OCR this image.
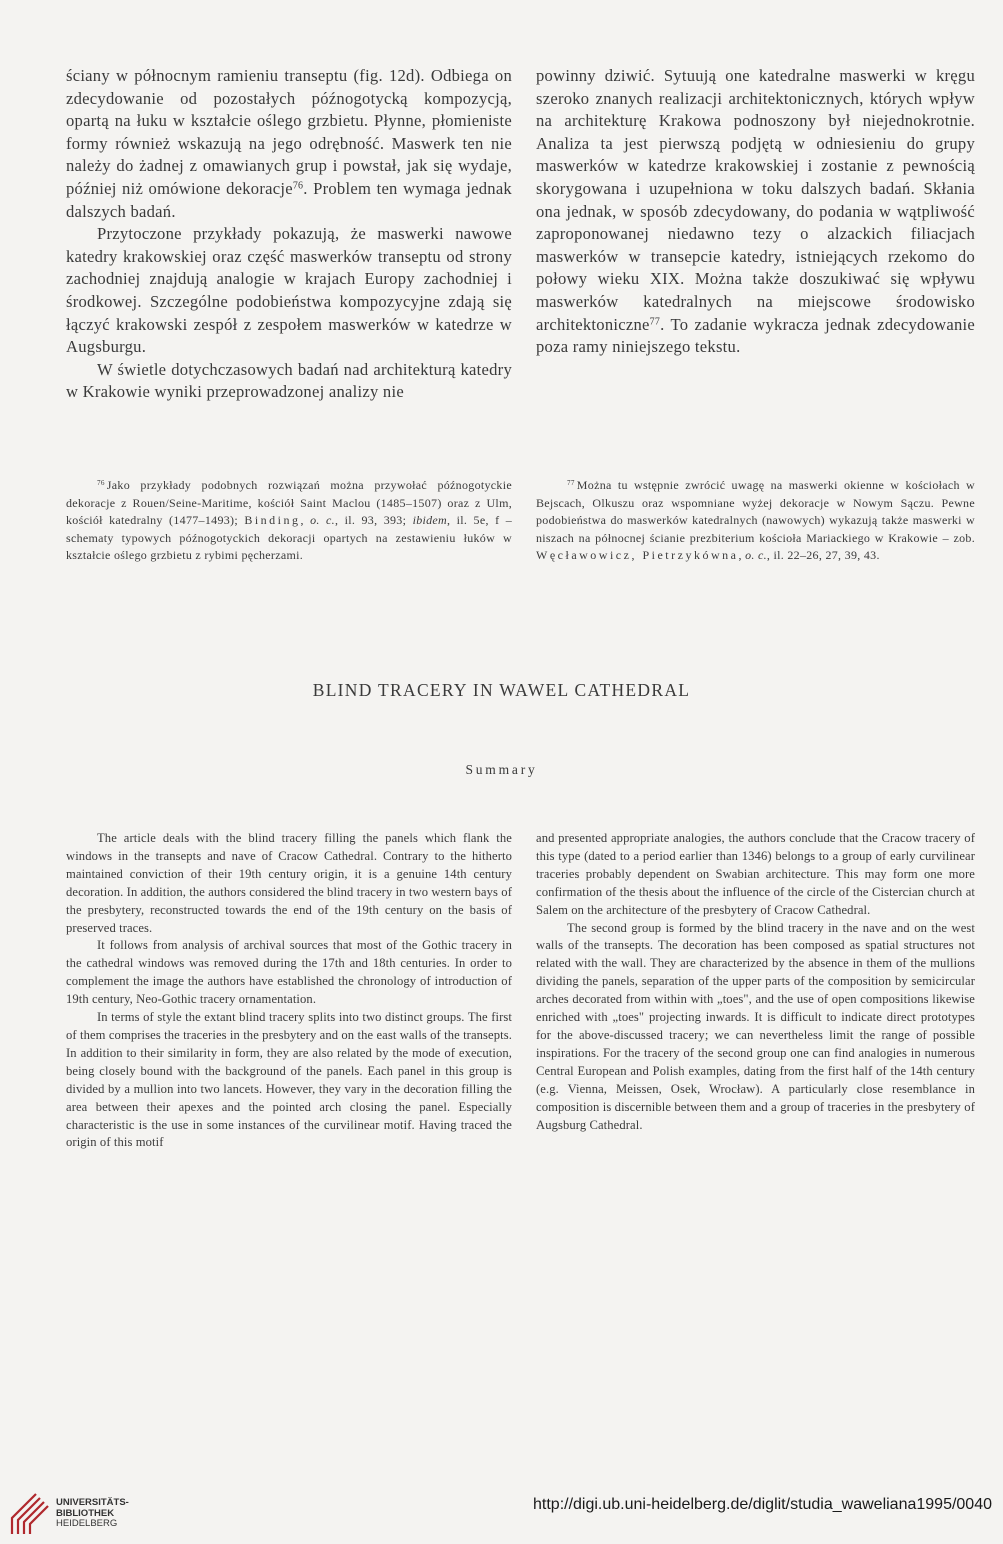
ściany w północnym ramieniu transeptu (fig. 12d). Odbiega on zdecydowanie od pozostałych późnogotycką kompozycją, opartą na łuku w kształcie oślego grzbietu. Płynne, płomieniste formy również wskazują na jego odrębność. Maswerk ten nie należy do żadnej z omawianych grup i powstał, jak się wydaje, później niż omówione dekoracje$^{76}$. Problem ten wymaga jednak dalszych badań.

Przytoczone przykłady pokazują, że maswerki nawowe katedry krakowskiej oraz część maswerków transeptu od strony zachodniej znajdują analogie w krajach Europy zachodniej i środkowej. Szczególne podobieństwa kompozycyjne zdają się łączyć krakowski zespół z zespołem maswerków w katedrze w Augsburgu.

W świetle dotychczasowych badań nad architekturą katedry w Krakowie wyniki przeprowadzonej analizy nie

powinny dziwić. Sytuują one katedralne maswerki w kręgu szeroko znanych realizacji architektonicznych, których wpływ na architekturę Krakowa podnoszony był niejednokrotnie. Analiza ta jest pierwszą podjętą w odniesieniu do grupy maswerków w katedrze krakowskiej i zostanie z pewnością skorygowana i uzupełniona w toku dalszych badań. Skłania ona jednak, w sposób zdecydowany, do podania w wątpliwość zaproponowanej niedawno tezy o alzackich filiacjach maswerków w transepcie katedry, istniejących rzekomo do połowy wieku XIX. Można także doszukiwać się wpływu maswerków katedralnych na miejscowe środowisko architektoniczne$^{77}$. To zadanie wykracza jednak zdecydowanie poza ramy niniejszego tekstu.

$^{76}$ Jako przykłady podobnych rozwiązań można przywołać późnogotyckie dekoracje z Rouen/Seine-Maritime, kościół Saint Maclou (1485–1507) oraz z Ulm, kościół katedralny (1477–1493); Binding, o. c., il. 93, 393; ibidem, il. 5e, f – schematy typowych późnogotyckich dekoracji opartych na zestawieniu łuków w kształcie oślego grzbietu z rybimi pęcherzami.

$^{77}$ Można tu wstępnie zwrócić uwagę na maswerki okienne w kościołach w Bejscach, Olkuszu oraz wspomniane wyżej dekoracje w Nowym Sączu. Pewne podobieństwa do maswerków katedralnych (nawowych) wykazują także maswerki w niszach na północnej ścianie prezbiterium kościoła Mariackiego w Krakowie – zob. Węcławowicz, Pietrzykówna, o. c., il. 22–26, 27, 39, 43.

BLIND TRACERY IN WAWEL CATHEDRAL
Summary

The article deals with the blind tracery filling the panels which flank the windows in the transepts and nave of Cracow Cathedral. Contrary to the hitherto maintained conviction of their 19th century origin, it is a genuine 14th century decoration. In addition, the authors considered the blind tracery in two western bays of the presbytery, reconstructed towards the end of the 19th century on the basis of preserved traces.

It follows from analysis of archival sources that most of the Gothic tracery in the cathedral windows was removed during the 17th and 18th centuries. In order to complement the image the authors have established the chronology of introduction of 19th century, Neo-Gothic tracery ornamentation.

In terms of style the extant blind tracery splits into two distinct groups. The first of them comprises the traceries in the presbytery and on the east walls of the transepts. In addition to their similarity in form, they are also related by the mode of execution, being closely bound with the background of the panels. Each panel in this group is divided by a mullion into two lancets. However, they vary in the decoration filling the area between their apexes and the pointed arch closing the panel. Especially characteristic is the use in some instances of the curvilinear motif. Having traced the origin of this motif

and presented appropriate analogies, the authors conclude that the Cracow tracery of this type (dated to a period earlier than 1346) belongs to a group of early curvilinear traceries probably dependent on Swabian architecture. This may form one more confirmation of the thesis about the influence of the circle of the Cistercian church at Salem on the architecture of the presbytery of Cracow Cathedral.

The second group is formed by the blind tracery in the nave and on the west walls of the transepts. The decoration has been composed as spatial structures not related with the wall. They are characterized by the absence in them of the mullions dividing the panels, separation of the upper parts of the composition by semicircular arches decorated from within with „toes", and the use of open compositions likewise enriched with „toes" projecting inwards. It is difficult to indicate direct prototypes for the above-discussed tracery; we can nevertheless limit the range of possible inspirations. For the tracery of the second group one can find analogies in numerous Central European and Polish examples, dating from the first half of the 14th century (e.g. Vienna, Meissen, Osek, Wrocław). A particularly close resemblance in composition is discernible between them and a group of traceries in the presbytery of Augsburg Cathedral.

UNIVERSITÄTS-
BIBLIOTHEK
HEIDELBERG
http://digi.ub.uni-heidelberg.de/diglit/studia_waweliana1995/0040
